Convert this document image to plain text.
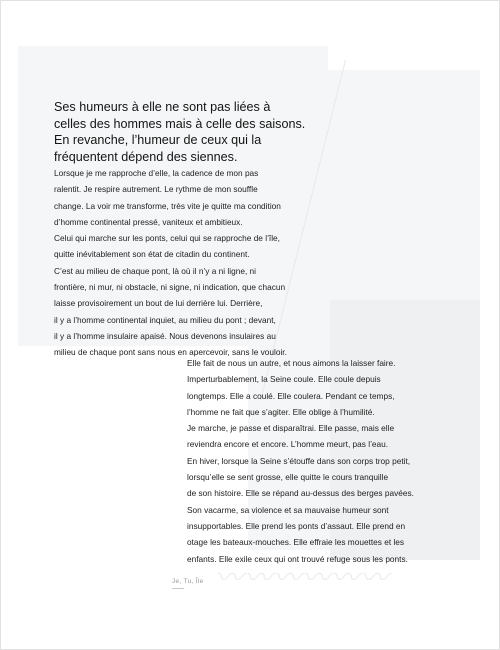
Ses humeurs à elle ne sont pas liées à
celles des hommes mais à celle des saisons.
En revanche, l’humeur de ceux qui la
fréquentent dépend des siennes.
Lorsque je me rapproche d’elle, la cadence de mon pas
ralentit. Je respire autrement. Le rythme de mon souffle
change. La voir me transforme, très vite je quitte ma condition
d’homme continental pressé, vaniteux et ambitieux.
Celui qui marche sur les ponts, celui qui se rapproche de l’île,
quitte inévitablement son état de citadin du continent.
C’est au milieu de chaque pont, là où il n’y a ni ligne, ni
frontière, ni mur, ni obstacle, ni signe, ni indication, que chacun
laisse provisoirement un bout de lui derrière lui. Derrière,
il y a l’homme continental inquiet, au milieu du pont ; devant,
il y a l’homme insulaire apaisé. Nous devenons insulaires au
milieu de chaque pont sans nous en apercevoir, sans le vouloir.
Elle fait de nous un autre, et nous aimons la laisser faire.
Imperturbablement, la Seine coule. Elle coule depuis
longtemps. Elle a coulé. Elle coulera. Pendant ce temps,
l’homme ne fait que s’agiter. Elle oblige à l’humilité.
Je marche, je passe et disparaîtrai. Elle passe, mais elle
reviendra encore et encore. L’homme meurt, pas l’eau.
En hiver, lorsque la Seine s’étouffe dans son corps trop petit,
lorsqu’elle se sent grosse, elle quitte le cours tranquille
de son histoire. Elle se répand au-dessus des berges pavées.
Son vacarme, sa violence et sa mauvaise humeur sont
insupportables. Elle prend les ponts d’assaut. Elle prend en
otage les bateaux-mouches. Elle effraie les mouettes et les
enfants. Elle exile ceux qui ont trouvé refuge sous les ponts.
〰〰〰〰〰〰
Je, Tu, Île
